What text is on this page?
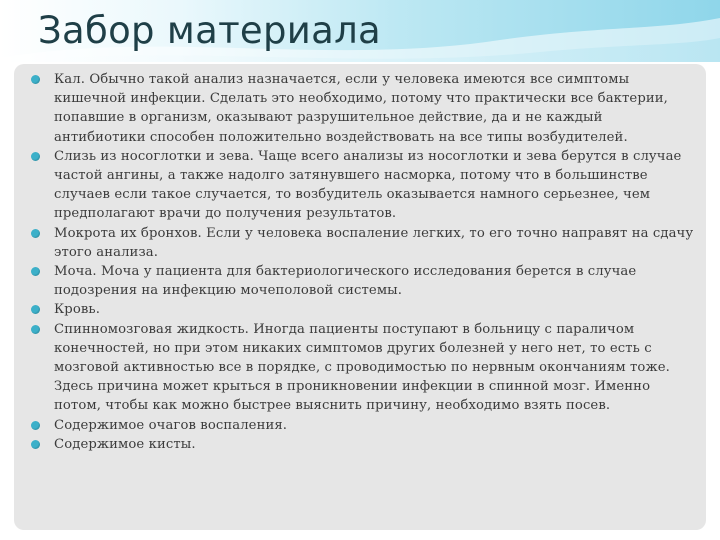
Забор материала
Кал. Обычно такой анализ назначается, если у человека имеются все симптомы кишечной инфекции. Сделать это необходимо, потому что практически все бактерии, попавшие в организм, оказывают разрушительное действие, да и не каждый антибиотики способен положительно воздействовать на все типы возбудителей.
Слизь из носоглотки и зева. Чаще всего анализы из носоглотки и зева берутся в случае частой ангины, а также надолго затянувшего насморка, потому что в большинстве случаев если такое случается, то возбудитель оказывается намного серьезнее, чем предполагают врачи до получения результатов.
Мокрота их бронхов. Если у человека воспаление легких, то его точно направят на сдачу этого анализа.
Моча. Моча у пациента для бактериологического исследования берется в случае подозрения на инфекцию мочеполовой системы.
Кровь.
Спинномозговая жидкость. Иногда пациенты поступают в больницу с параличом конечностей, но при этом никаких симптомов других болезней у него нет, то есть с мозговой активностью все в порядке, с проводимостью по нервным окончаниям тоже. Здесь причина может крыться в проникновении инфекции в спинной мозг. Именно потом, чтобы как можно быстрее выяснить причину, необходимо взять посев.
Содержимое очагов воспаления.
Содержимое кисты.
